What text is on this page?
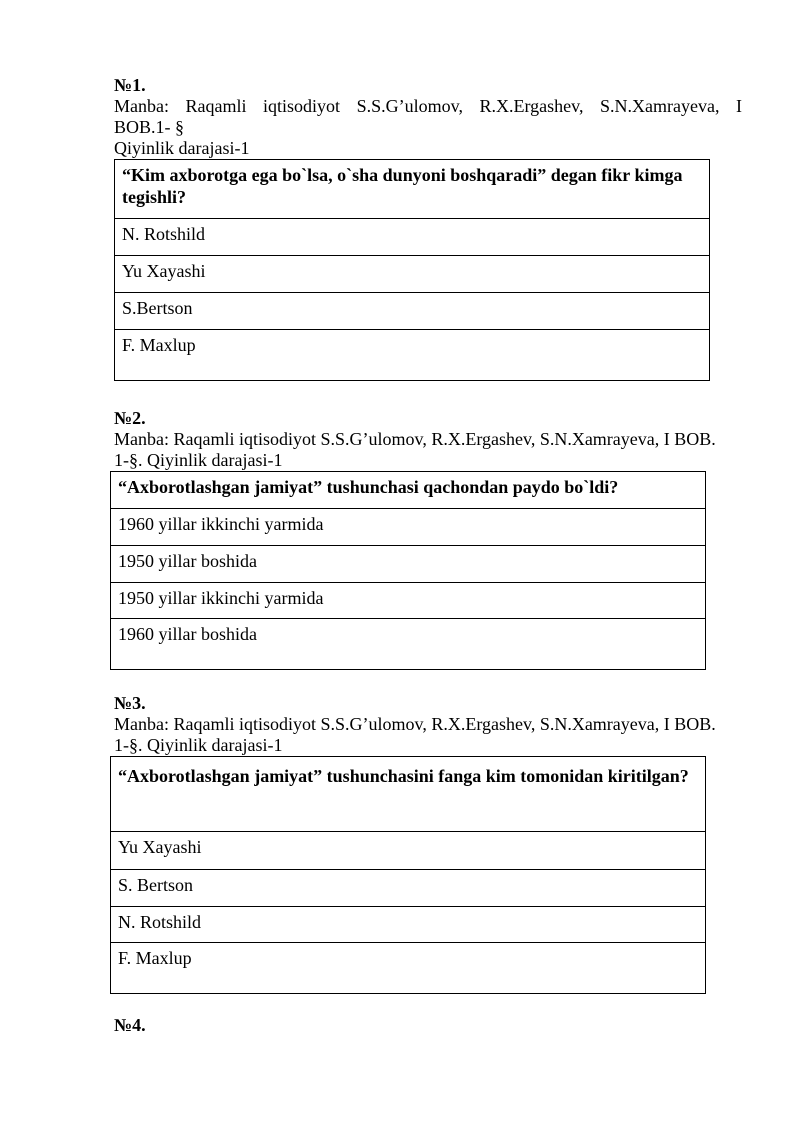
№1.
Manba: Raqamli iqtisodiyot S.S.G’ulomov, R.X.Ergashev, S.N.Xamrayeva, I
BOB.1- §
Qiyinlik darajasi-1
“Kim axborotga ega bo`lsa, o`sha dunyoni boshqaradi” degan fikr kimga tegishli?
N. Rotshild
Yu Xayashi
S.Bertson
F. Maxlup
№2.
Manba: Raqamli iqtisodiyot S.S.G’ulomov, R.X.Ergashev, S.N.Xamrayeva, I BOB.
1-§. Qiyinlik darajasi-1
“Axborotlashgan jamiyat” tushunchasi qachondan paydo bo`ldi?
1960 yillar ikkinchi yarmida
1950 yillar boshida
1950 yillar ikkinchi yarmida
1960 yillar boshida
№3.
Manba: Raqamli iqtisodiyot S.S.G’ulomov, R.X.Ergashev, S.N.Xamrayeva, I BOB.
1-§. Qiyinlik darajasi-1
“Axborotlashgan jamiyat” tushunchasini fanga kim tomonidan kiritilgan?
Yu Xayashi
S. Bertson
N. Rotshild
F. Maxlup
№4.
